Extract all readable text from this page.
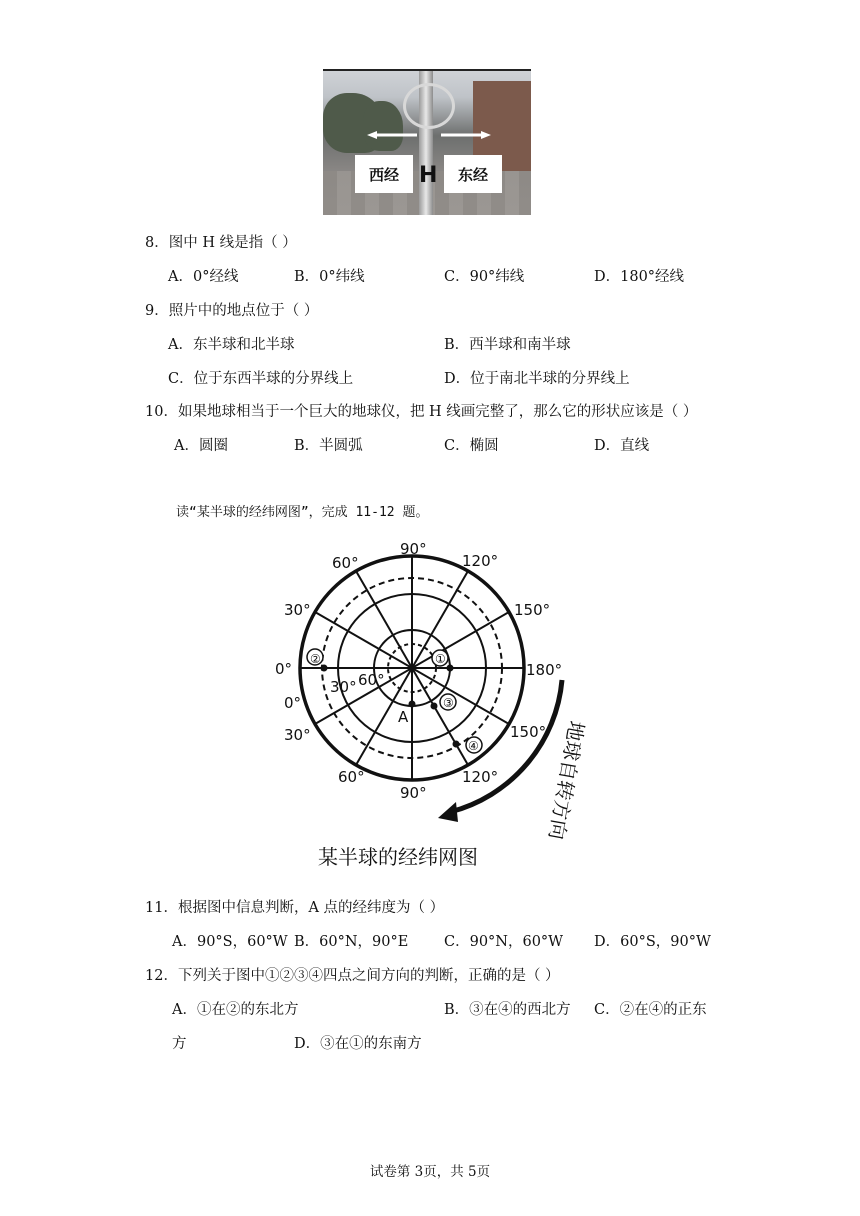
西经	东经
H
8．图中 H 线是指（ ）
A．0°经线	B．0°纬线	C．90°纬线	D．180°经线
9．照片中的地点位于（ ）
A．东半球和北半球	B．西半球和南半球
C．位于东西半球的分界线上	D．位于南北半球的分界线上
10．如果地球相当于一个巨大的地球仪，把 H 线画完整了，那么它的形状应该是（ ）
A．圆圈	B．半圆弧	C．椭圆	D．直线
读“某半球的经纬网图”，完成 11-12 题。
90°
60°	120°
30°	150°
0°	180°
0°
150°
30°
60°	120°
90°
30° 60°
②	①
③
④
A
地球自转方向
某半球的经纬网图
11．根据图中信息判断，A 点的经纬度为（ ）
A．90°S，60°W B．60°N，90°E C．90°N，60°W D．60°S，90°W
12．下列关于图中①②③④四点之间方向的判断，正确的是（ ）
A．①在②的东北方	B．③在④的西北方 C．②在④的正东
方	D．③在①的东南方
试卷第 3页，共 5页
